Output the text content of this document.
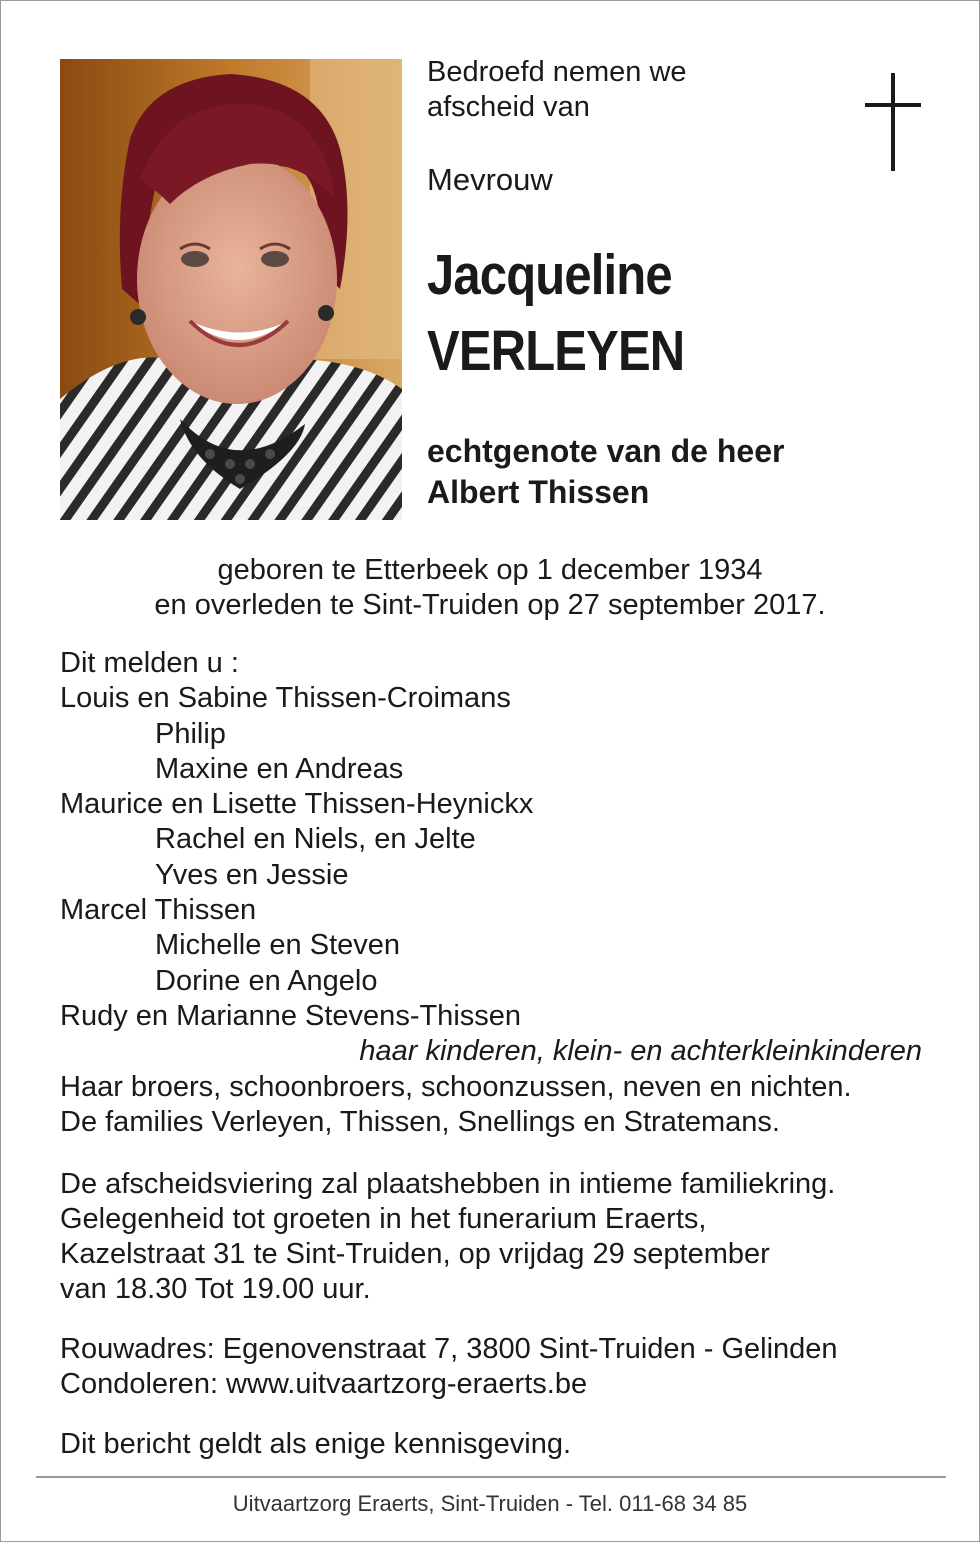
Bedroefd nemen we
afscheid van
Mevrouw
Jacqueline
VERLEYEN
echtgenote van de heer
Albert Thissen
geboren te Etterbeek op 1 december 1934
en overleden te Sint-Truiden op 27 september 2017.
Dit melden u :
Louis en Sabine Thissen-Croimans
Philip
Maxine en Andreas
Maurice en Lisette Thissen-Heynickx
Rachel en Niels, en Jelte
Yves en Jessie
Marcel Thissen
Michelle en Steven
Dorine en Angelo
Rudy en Marianne Stevens-Thissen
haar kinderen, klein- en achterkleinkinderen
Haar broers, schoonbroers, schoonzussen, neven en nichten.
De families Verleyen, Thissen, Snellings en Stratemans.
De afscheidsviering zal plaatshebben in intieme familiekring.
Gelegenheid tot groeten in het funerarium Eraerts,
Kazelstraat 31 te Sint-Truiden, op vrijdag 29 september
van 18.30 Tot 19.00 uur.
Rouwadres: Egenovenstraat 7, 3800 Sint-Truiden - Gelinden
Condoleren: www.uitvaartzorg-eraerts.be
Dit bericht geldt als enige kennisgeving.
Uitvaartzorg Eraerts, Sint-Truiden - Tel. 011-68 34 85
